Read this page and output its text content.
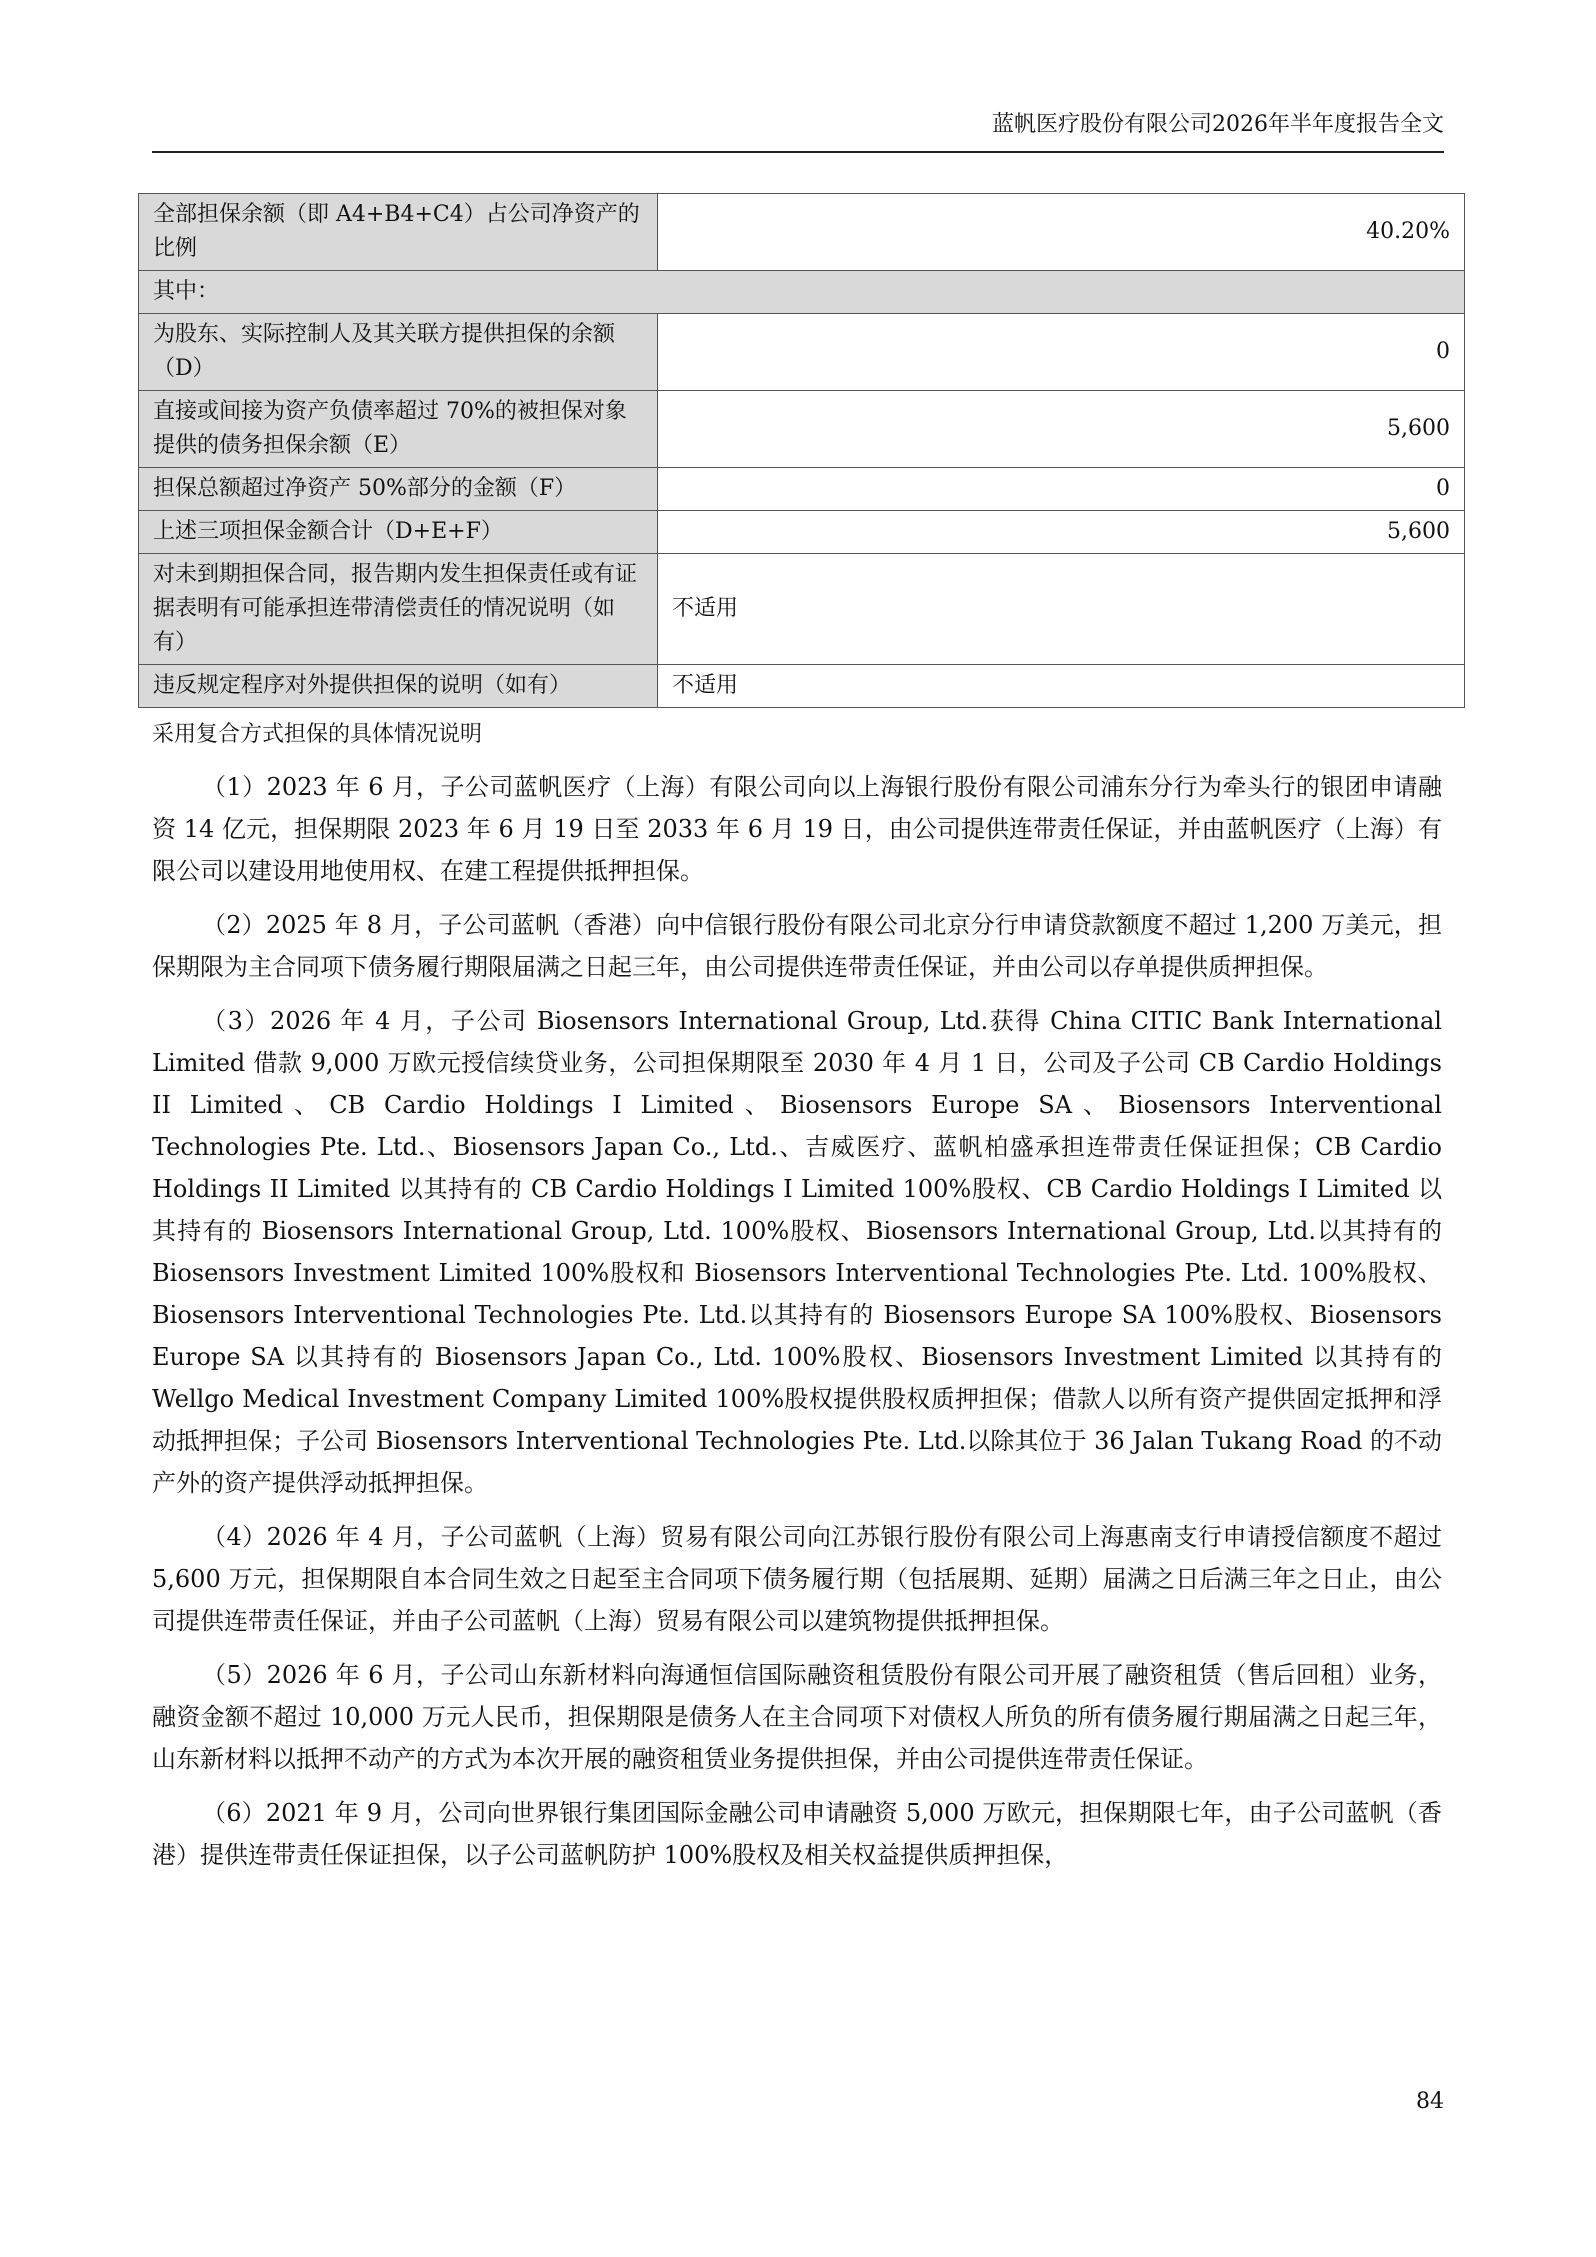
蓝帆医疗股份有限公司2026年半年度报告全文
全部担保余额（即 A4+B4+C4）占公司净资产的比例	40.20%
其中：	
为股东、实际控制人及其关联方提供担保的余额（D）	0
直接或间接为资产负债率超过 70%的被担保对象提供的债务担保余额（E）	5,600
担保总额超过净资产 50%部分的金额（F）	0
上述三项担保金额合计（D+E+F）	5,600
对未到期担保合同，报告期内发生担保责任或有证据表明有可能承担连带清偿责任的情况说明（如有）	不适用
违反规定程序对外提供担保的说明（如有）	不适用
采用复合方式担保的具体情况说明

（1）2023 年 6 月，子公司蓝帆医疗（上海）有限公司向以上海银行股份有限公司浦东分行为牵头行的银团申请融资 14 亿元，担保期限 2023 年 6 月 19 日至 2033 年 6 月 19 日，由公司提供连带责任保证，并由蓝帆医疗（上海）有限公司以建设用地使用权、在建工程提供抵押担保。

（2）2025 年 8 月，子公司蓝帆（香港）向中信银行股份有限公司北京分行申请贷款额度不超过 1,200 万美元，担保期限为主合同项下债务履行期限届满之日起三年，由公司提供连带责任保证，并由公司以存单提供质押担保。

（3）2026 年 4 月，子公司 Biosensors International Group, Ltd.获得 China CITIC Bank International Limited 借款 9,000 万欧元授信续贷业务，公司担保期限至 2030 年 4 月 1 日，公司及子公司 CB Cardio Holdings II Limited、CB Cardio Holdings I Limited、Biosensors Europe SA、Biosensors Interventional Technologies Pte. Ltd.、Biosensors Japan Co., Ltd.、吉威医疗、蓝帆柏盛承担连带责任保证担保；CB Cardio Holdings II Limited 以其持有的 CB Cardio Holdings I Limited 100%股权、CB Cardio Holdings I Limited 以其持有的 Biosensors International Group, Ltd. 100%股权、Biosensors International Group, Ltd.以其持有的 Biosensors Investment Limited 100%股权和 Biosensors Interventional Technologies Pte. Ltd. 100%股权、Biosensors Interventional Technologies Pte. Ltd.以其持有的 Biosensors Europe SA 100%股权、Biosensors Europe SA 以其持有的 Biosensors Japan Co., Ltd. 100%股权、Biosensors Investment Limited 以其持有的 Wellgo Medical Investment Company Limited 100%股权提供股权质押担保；借款人以所有资产提供固定抵押和浮动抵押担保；子公司 Biosensors Interventional Technologies Pte. Ltd.以除其位于 36 Jalan Tukang Road 的不动产外的资产提供浮动抵押担保。

（4）2026 年 4 月，子公司蓝帆（上海）贸易有限公司向江苏银行股份有限公司上海惠南支行申请授信额度不超过 5,600 万元，担保期限自本合同生效之日起至主合同项下债务履行期（包括展期、延期）届满之日后满三年之日止，由公司提供连带责任保证，并由子公司蓝帆（上海）贸易有限公司以建筑物提供抵押担保。

（5）2026 年 6 月，子公司山东新材料向海通恒信国际融资租赁股份有限公司开展了融资租赁（售后回租）业务，融资金额不超过 10,000 万元人民币，担保期限是债务人在主合同项下对债权人所负的所有债务履行期届满之日起三年，山东新材料以抵押不动产的方式为本次开展的融资租赁业务提供担保，并由公司提供连带责任保证。

（6）2021 年 9 月，公司向世界银行集团国际金融公司申请融资 5,000 万欧元，担保期限七年，由子公司蓝帆（香港）提供连带责任保证担保，以子公司蓝帆防护 100%股权及相关权益提供质押担保，

84
